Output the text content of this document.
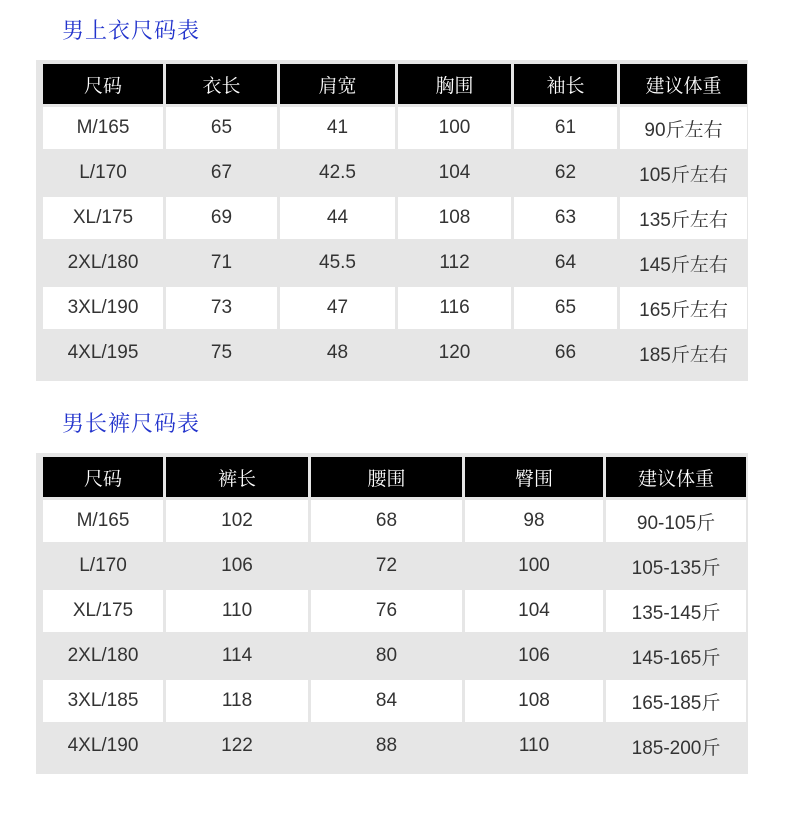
男上衣尺码表
尺码	衣长	肩宽	胸围	袖长	建议体重
M/165	65	41	100	61	90斤左右
L/170	67	42.5	104	62	105斤左右
XL/175	69	44	108	63	135斤左右
2XL/180	71	45.5	112	64	145斤左右
3XL/190	73	47	116	65	165斤左右
4XL/195	75	48	120	66	185斤左右
男长裤尺码表
尺码	裤长	腰围	臀围	建议体重
M/165	102	68	98	90-105斤
L/170	106	72	100	105-135斤
XL/175	110	76	104	135-145斤
2XL/180	114	80	106	145-165斤
3XL/185	118	84	108	165-185斤
4XL/190	122	88	110	185-200斤
